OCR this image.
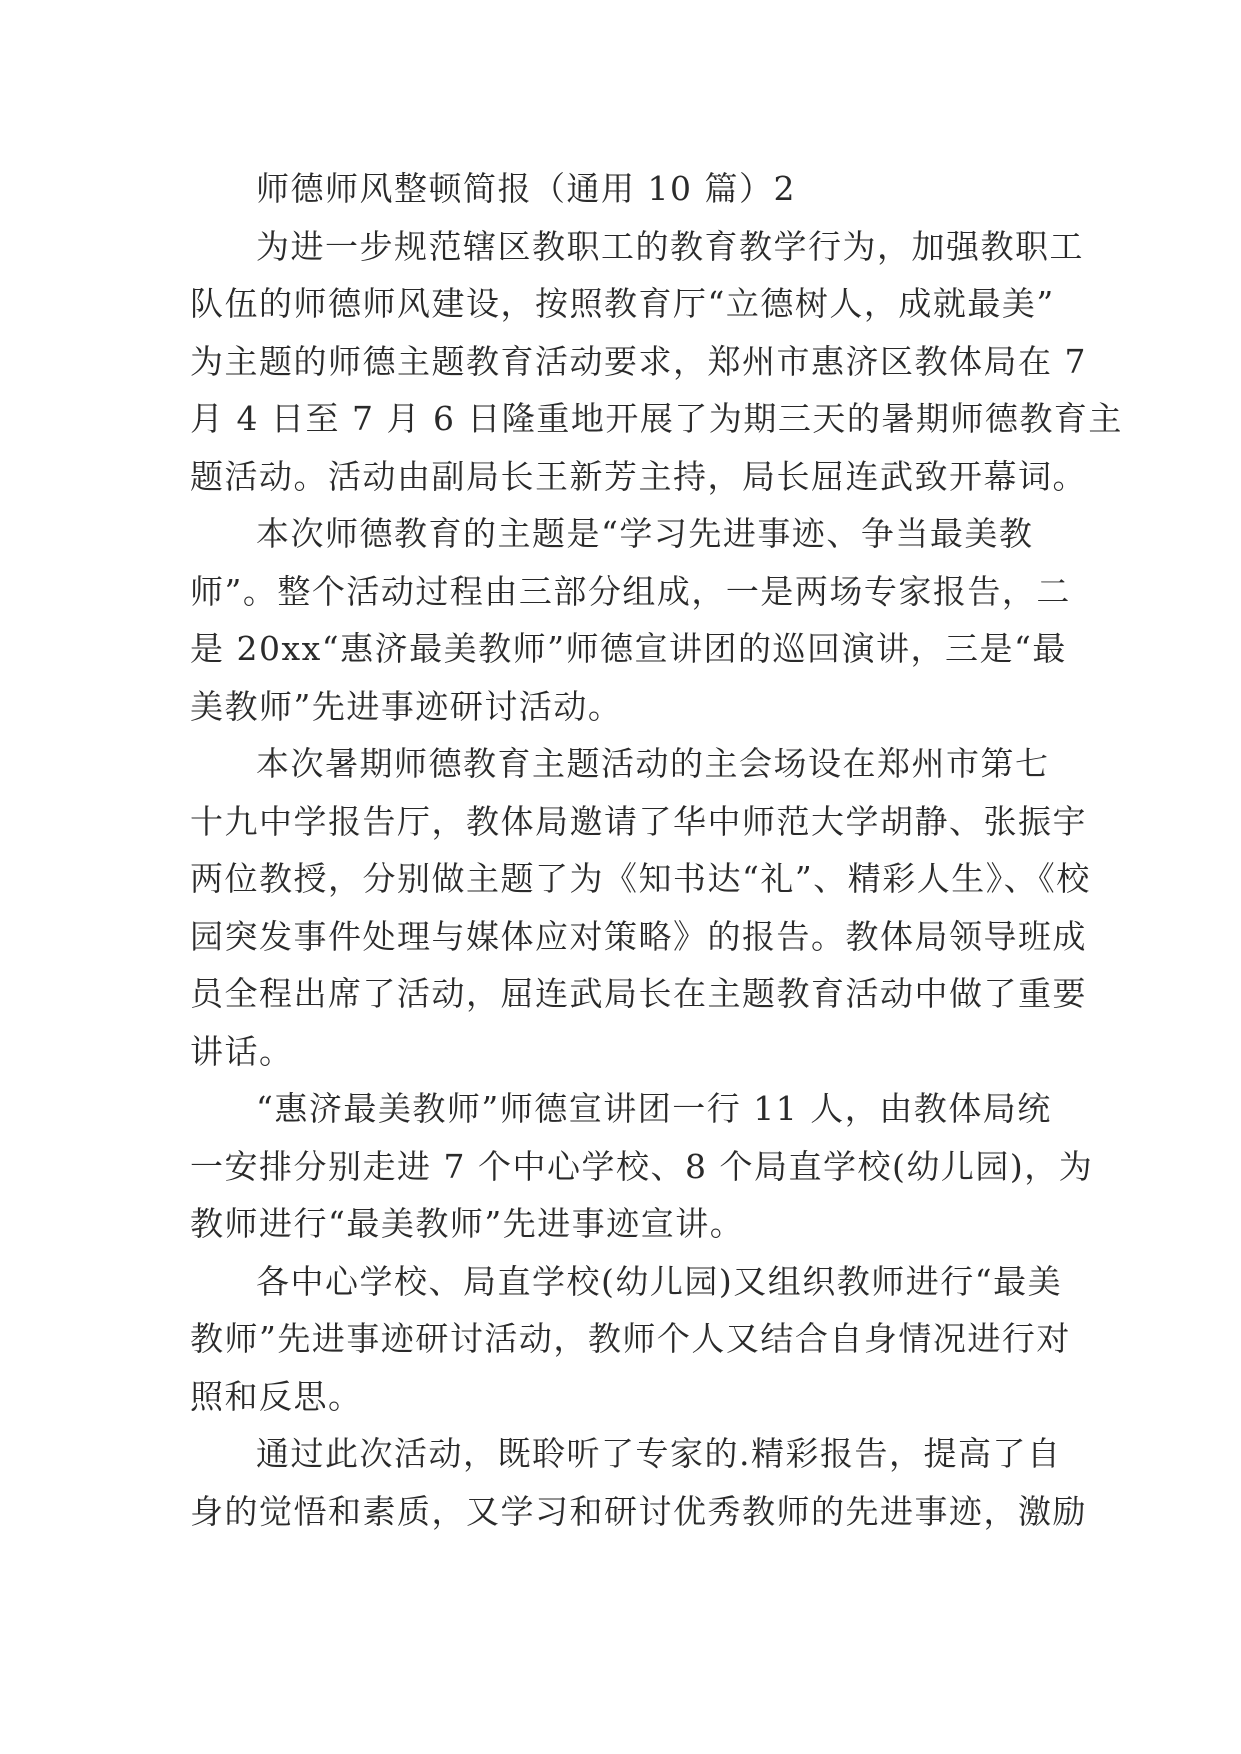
师德师风整顿简报（通用 10 篇）2
为进一步规范辖区教职工的教育教学行为，加强教职工
队伍的师德师风建设，按照教育厅“立德树人，成就最美”
为主题的师德主题教育活动要求，郑州市惠济区教体局在 7
月 4 日至 7 月 6 日隆重地开展了为期三天的暑期师德教育主
题活动。活动由副局长王新芳主持，局长屈连武致开幕词。
本次师德教育的主题是“学习先进事迹、争当最美教
师”。整个活动过程由三部分组成，一是两场专家报告，二
是 20xx“惠济最美教师”师德宣讲团的巡回演讲，三是“最
美教师”先进事迹研讨活动。
本次暑期师德教育主题活动的主会场设在郑州市第七
十九中学报告厅，教体局邀请了华中师范大学胡静、张振宇
两位教授，分别做主题了为《知书达“礼”、精彩人生》、《校
园突发事件处理与媒体应对策略》的报告。教体局领导班成
员全程出席了活动，屈连武局长在主题教育活动中做了重要
讲话。
“惠济最美教师”师德宣讲团一行 11 人，由教体局统
一安排分别走进 7 个中心学校、8 个局直学校(幼儿园)，为
教师进行“最美教师”先进事迹宣讲。
各中心学校、局直学校(幼儿园)又组织教师进行“最美
教师”先进事迹研讨活动，教师个人又结合自身情况进行对
照和反思。
通过此次活动，既聆听了专家的.精彩报告，提高了自
身的觉悟和素质，又学习和研讨优秀教师的先进事迹，激励
